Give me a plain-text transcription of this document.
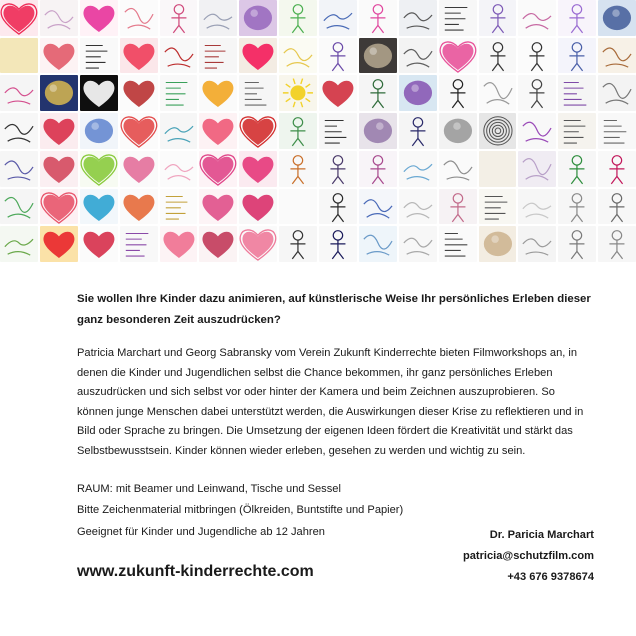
Sie wollen Ihre Kinder dazu animieren, auf künstlerische Weise Ihr persönliches Erleben dieser ganz besonderen Zeit auszudrücken?

Patricia Marchart und Georg Sabransky vom Verein Zukunft Kinderrechte bieten Filmworkshops an, in denen die Kinder und Jugendlichen selbst die Chance bekommen, ihr ganz persönliches Erleben auszudrücken und sich selbst vor oder hinter der Kamera und beim Zeichnen auszuprobieren. So können junge Menschen dabei unterstützt werden, die Auswirkungen dieser Krise zu reflektieren und in Bild oder Sprache zu bringen. Die Umsetzung der eigenen Ideen fördert die Kreativität und stärkt das Selbstbewusstsein. Kinder können wieder erleben, gesehen zu werden und wichtig zu sein.

RAUM: mit Beamer und Leinwand, Tische und Sessel

Bitte Zeichenmaterial mitbringen (Ölkreiden, Buntstifte und Papier)

Geeignet für Kinder und Jugendliche ab 12 Jahren	Dr. Paricia Marchart

patricia@schutzfilm.com

+43 676 9378674

www.zukunft-kinderrechte.com
